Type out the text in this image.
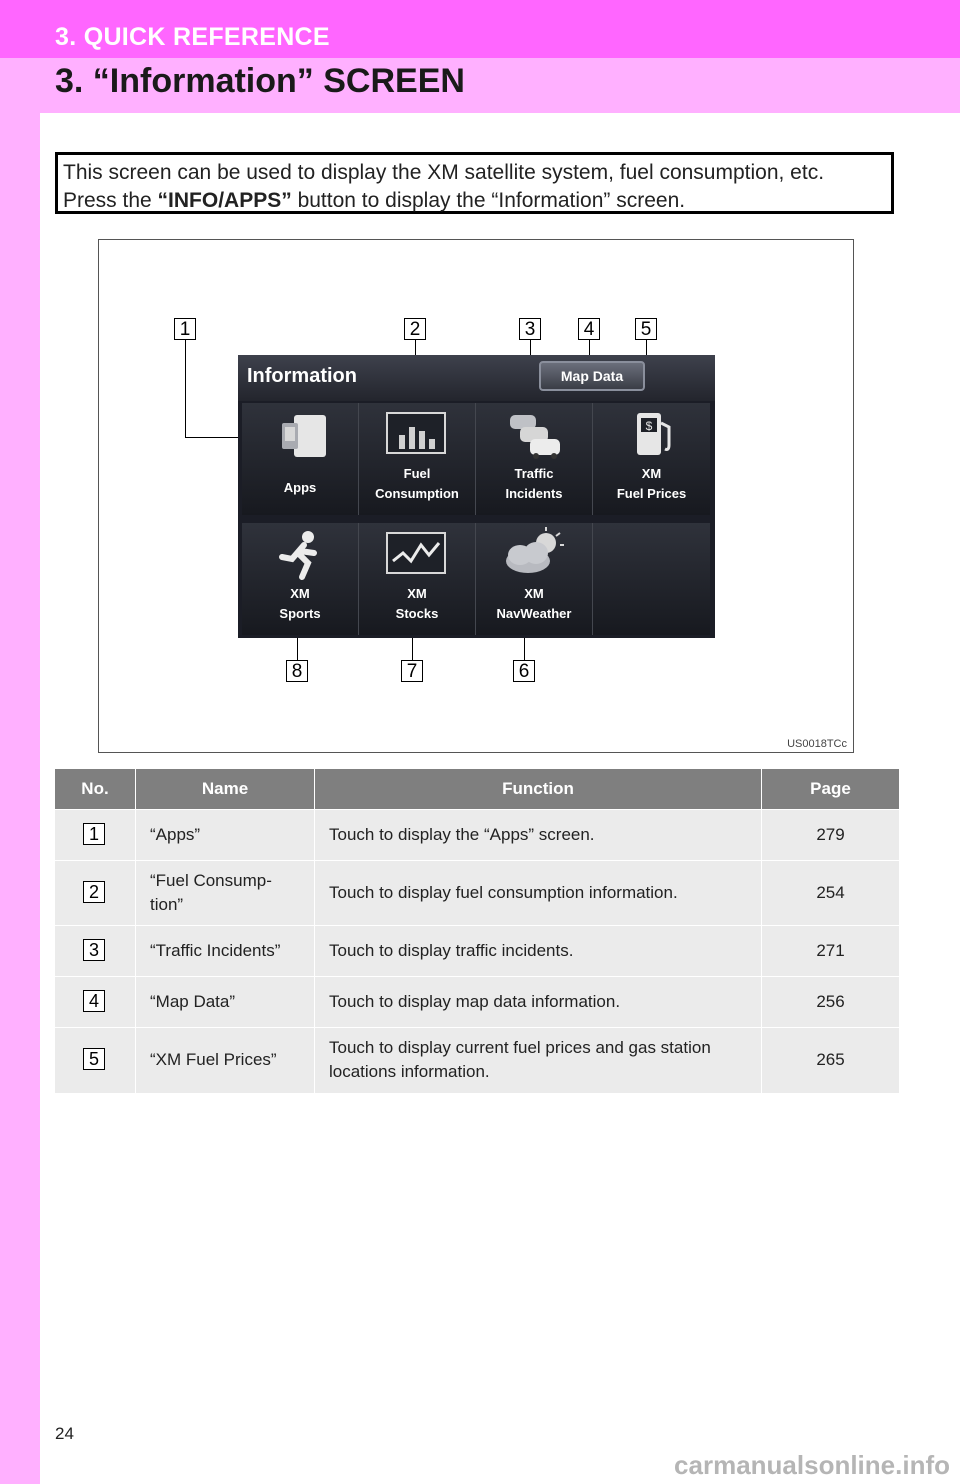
3. QUICK REFERENCE
3. “Information” SCREEN
This screen can be used to display the XM satellite system, fuel consumption, etc.
Press the “INFO/APPS” button to display the “Information” screen.
1	2	3	4	5
8	7	6
Information	Map Data
Apps
Fuel
Consumption
Traffic
Incidents
$
XM
Fuel Prices
XM
Sports
XM
Stocks
XM
NavWeather
US0018TCc
No.	Name	Function	Page
1	“Apps”	Touch to display the “Apps” screen.	279
2	“Fuel Consump-tion”	Touch to display fuel consumption information.	254
3	“Traffic Incidents”	Touch to display traffic incidents.	271
4	“Map Data”	Touch to display map data information.	256
5	“XM Fuel Prices”	Touch to display current fuel prices and gas station locations information.	265
24
carmanualsonline.info
